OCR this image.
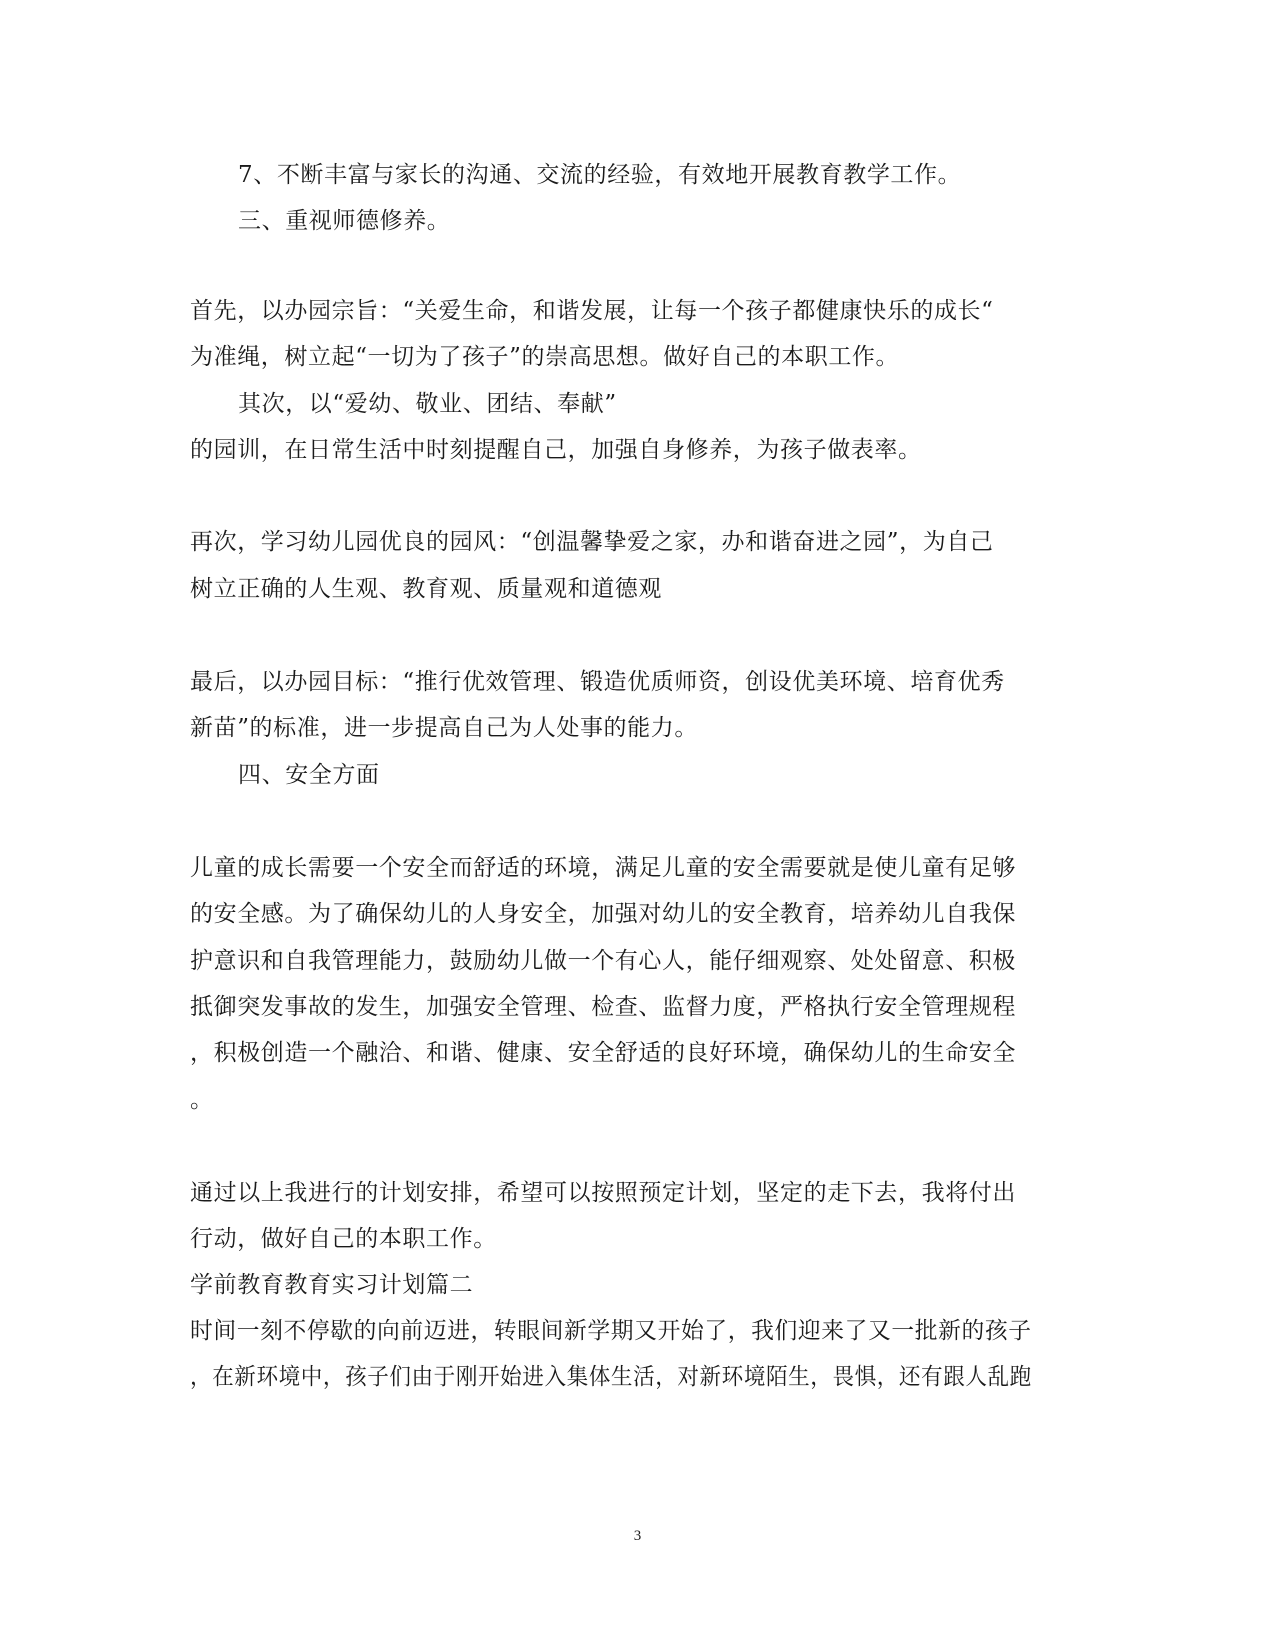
7、不断丰富与家长的沟通、交流的经验，有效地开展教育教学工作。
三、重视师德修养。
首先，以办园宗旨：“关爱生命，和谐发展，让每一个孩子都健康快乐的成长“
为准绳，树立起“一切为了孩子”的崇高思想。做好自己的本职工作。
其次，以“爱幼、敬业、团结、奉献”
的园训，在日常生活中时刻提醒自己，加强自身修养，为孩子做表率。
再次，学习幼儿园优良的园风：“创温馨挚爱之家，办和谐奋进之园”，为自己
树立正确的人生观、教育观、质量观和道德观
最后，以办园目标：“推行优效管理、锻造优质师资，创设优美环境、培育优秀
新苗”的标准，进一步提高自己为人处事的能力。
四、安全方面
儿童的成长需要一个安全而舒适的环境，满足儿童的安全需要就是使儿童有足够
的安全感。为了确保幼儿的人身安全，加强对幼儿的安全教育，培养幼儿自我保
护意识和自我管理能力，鼓励幼儿做一个有心人，能仔细观察、处处留意、积极
抵御突发事故的发生，加强安全管理、检查、监督力度，严格执行安全管理规程
，积极创造一个融洽、和谐、健康、安全舒适的良好环境，确保幼儿的生命安全
。
通过以上我进行的计划安排，希望可以按照预定计划，坚定的走下去，我将付出
行动，做好自己的本职工作。
学前教育教育实习计划篇二
时间一刻不停歇的向前迈进，转眼间新学期又开始了，我们迎来了又一批新的孩子
，在新环境中，孩子们由于刚开始进入集体生活，对新环境陌生，畏惧，还有跟人乱跑
3
